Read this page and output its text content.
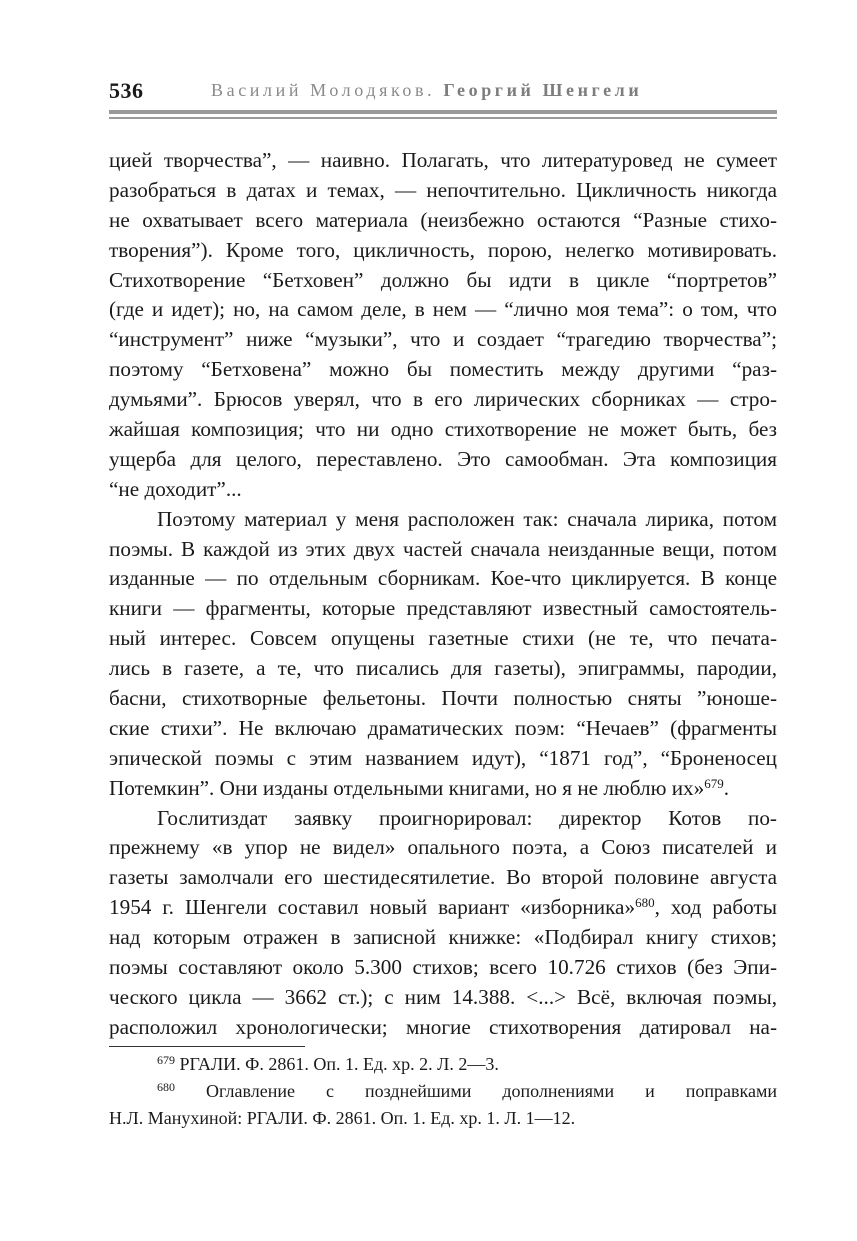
536	Василий Молодяков. Георгий Шенгели
цией творчества”, — наивно. Полагать, что литературовед не сумеет
разобраться в датах и темах, — непочтительно. Цикличность никогда
не охватывает всего материала (неизбежно остаются “Разные стихо-
творения”). Кроме того, цикличность, порою, нелегко мотивировать.
Стихотворение “Бетховен” должно бы идти в цикле “портретов”
(где и идет); но, на самом деле, в нем — “лично моя тема”: о том, что
“инструмент” ниже “музыки”, что и создает “трагедию творчества”;
поэтому “Бетховена” можно бы поместить между другими “раз-
думьями”. Брюсов уверял, что в его лирических сборниках — стро-
жайшая композиция; что ни одно стихотворение не может быть, без
ущерба для целого, переставлено. Это самообман. Эта композиция
“не доходит”...
Поэтому материал у меня расположен так: сначала лирика, потом
поэмы. В каждой из этих двух частей сначала неизданные вещи, потом
изданные — по отдельным сборникам. Кое-что циклируется. В конце
книги — фрагменты, которые представляют известный самостоятель-
ный интерес. Совсем опущены газетные стихи (не те, что печата-
лись в газете, а те, что писались для газеты), эпиграммы, пародии,
басни, стихотворные фельетоны. Почти полностью сняты ”юноше-
ские стихи”. Не включаю драматических поэм: “Нечаев” (фрагменты
эпической поэмы с этим названием идут), “1871 год”, “Броненосец
Потемкин”. Они изданы отдельными книгами, но я не люблю их»$^{679}$.
Гослитиздат заявку проигнорировал: директор Котов по-
прежнему «в упор не видел» опального поэта, а Союз писателей и
газеты замолчали его шестидесятилетие. Во второй половине августа
1954 г. Шенгели составил новый вариант «изборника»$^{680}$, ход работы
над которым отражен в записной книжке: «Подбирал книгу стихов;
поэмы составляют около 5.300 стихов; всего 10.726 стихов (без Эпи-
ческого цикла — 3662 ст.); с ним 14.388. <...> Всё, включая поэмы,
расположил хронологически; многие стихотворения датировал на-
$^{679}$ РГАЛИ. Ф. 2861. Оп. 1. Ед. хр. 2. Л. 2—3.
$^{680}$ Оглавление с позднейшими дополнениями и поправками
Н.Л. Манухиной: РГАЛИ. Ф. 2861. Оп. 1. Ед. хр. 1. Л. 1—12.
